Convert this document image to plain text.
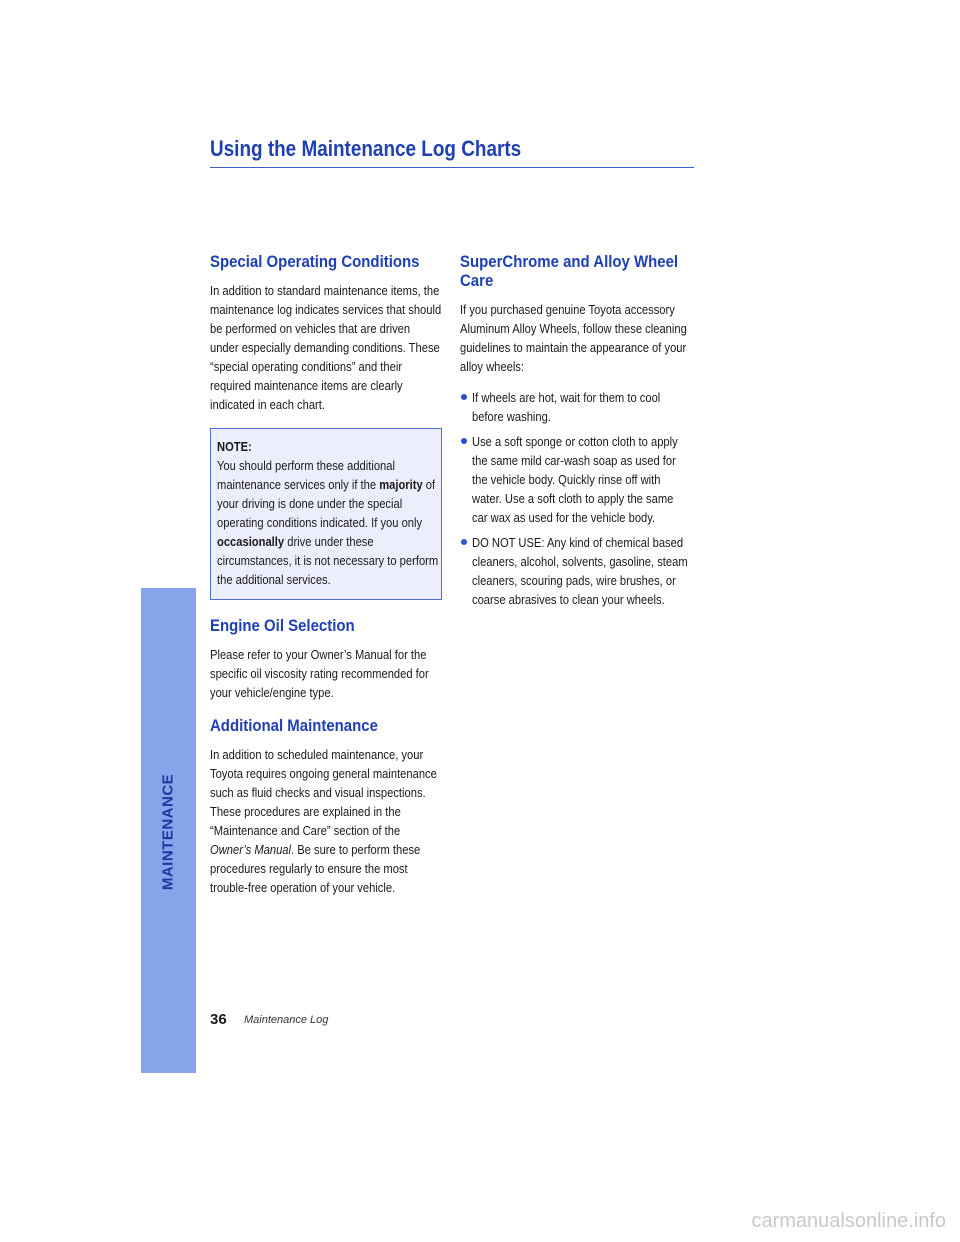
Using the Maintenance Log Charts
MAINTENANCE
Special Operating Conditions

In addition to standard maintenance items, the maintenance log indicates services that should be performed on vehicles that are driven under especially demanding conditions. These “special operating conditions” and their required maintenance items are clearly indicated in each chart.

NOTE:
You should perform these additional maintenance services only if the majority of your driving is done under the special operating conditions indicated. If you only occasionally drive under these circumstances, it is not necessary to perform the additional services.

Engine Oil Selection

Please refer to your Owner’s Manual for the specific oil viscosity rating recommended for your vehicle/engine type.

Additional Maintenance

In addition to scheduled maintenance, your Toyota requires ongoing general maintenance such as fluid checks and visual inspections. These procedures are explained in the “Maintenance and Care” section of the Owner’s Manual. Be sure to perform these procedures regularly to ensure the most trouble-free operation of your vehicle.

SuperChrome and Alloy Wheel Care

If you purchased genuine Toyota accessory Aluminum Alloy Wheels, follow these cleaning guidelines to maintain the appearance of your alloy wheels:

If wheels are hot, wait for them to cool before washing.

Use a soft sponge or cotton cloth to apply the same mild car-wash soap as used for the vehicle body. Quickly rinse off with water. Use a soft cloth to apply the same car wax as used for the vehicle body.

DO NOT USE: Any kind of chemical based cleaners, alcohol, solvents, gasoline, steam cleaners, scouring pads, wire brushes, or coarse abrasives to clean your wheels.

36 Maintenance Log
carmanualsonline.info
